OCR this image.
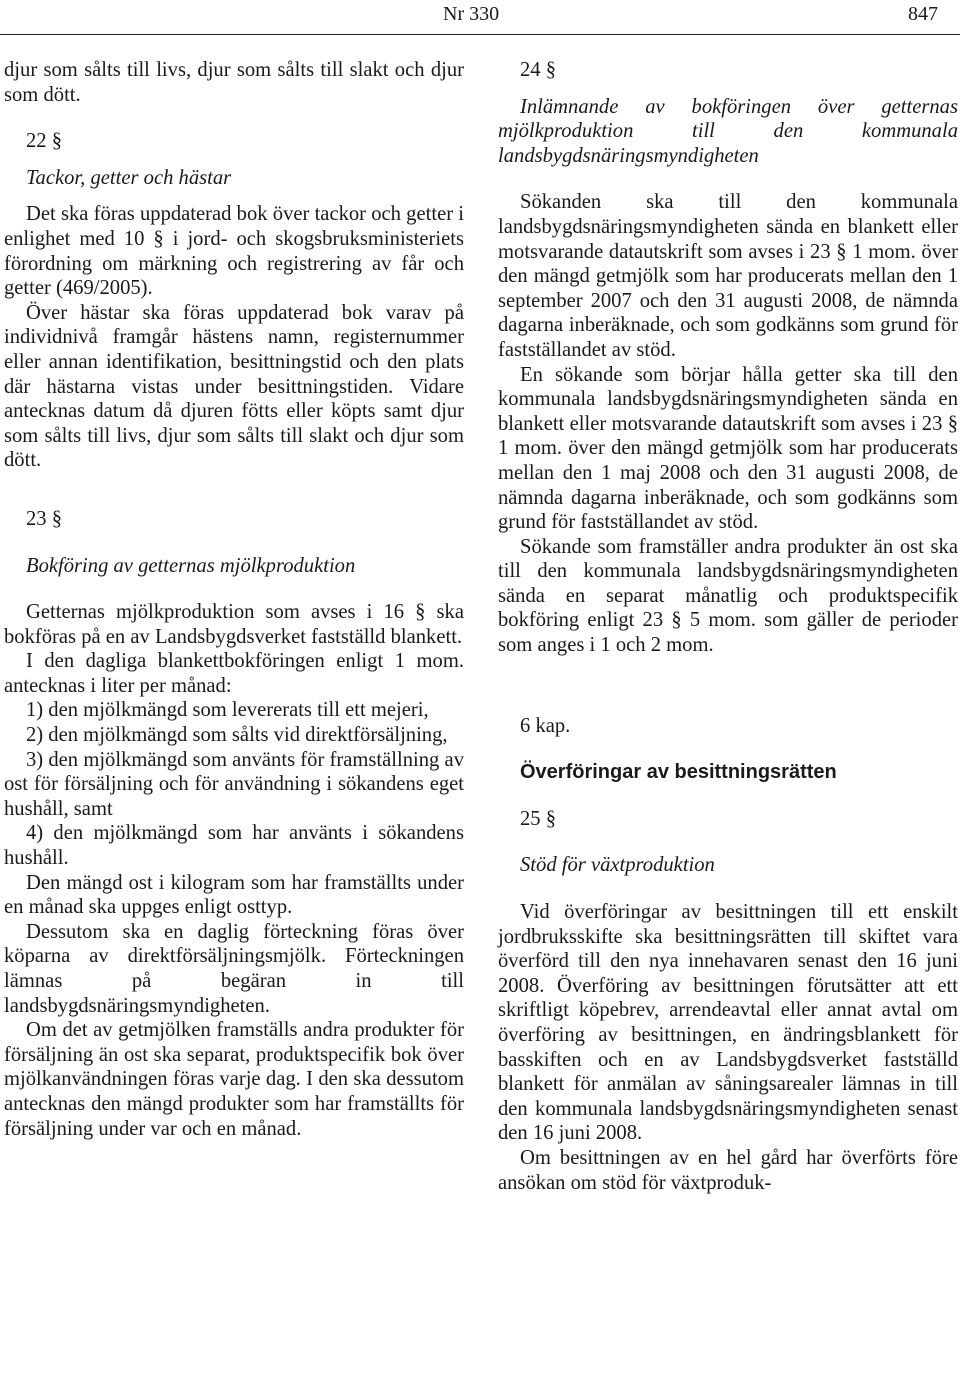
Nr 330	847

djur som sålts till livs, djur som sålts till slakt och djur som dött.

22 §

Tackor, getter och hästar

Det ska föras uppdaterad bok över tackor och getter i enlighet med 10 § i jord- och skogsbruksministeriets förordning om märkning och registrering av får och getter (469/2005).

Över hästar ska föras uppdaterad bok varav på individnivå framgår hästens namn, registernummer eller annan identifikation, besittningstid och den plats där hästarna vistas under besittningstiden. Vidare antecknas datum då djuren fötts eller köpts samt djur som sålts till livs, djur som sålts till slakt och djur som dött.

23 §

Bokföring av getternas mjölkproduktion

Getternas mjölkproduktion som avses i 16 § ska bokföras på en av Landsbygdsverket fastställd blankett.

I den dagliga blankettbokföringen enligt 1 mom. antecknas i liter per månad:

1) den mjölkmängd som levererats till ett mejeri,

2) den mjölkmängd som sålts vid direktförsäljning,

3) den mjölkmängd som använts för framställning av ost för försäljning och för användning i sökandens eget hushåll, samt

4) den mjölkmängd som har använts i sökandens hushåll.

Den mängd ost i kilogram som har framställts under en månad ska uppges enligt osttyp.

Dessutom ska en daglig förteckning föras över köparna av direktförsäljningsmjölk. Förteckningen lämnas på begäran in till landsbygdsnäringsmyndigheten.

Om det av getmjölken framställs andra produkter för försäljning än ost ska separat, produktspecifik bok över mjölkanvändningen föras varje dag. I den ska dessutom antecknas den mängd produkter som har framställts för försäljning under var och en månad.

24 §

Inlämnande av bokföringen över getternas mjölkproduktion till den kommunala landsbygdsnäringsmyndigheten

Sökanden ska till den kommunala landsbygdsnäringsmyndigheten sända en blankett eller motsvarande datautskrift som avses i 23 § 1 mom. över den mängd getmjölk som har producerats mellan den 1 september 2007 och den 31 augusti 2008, de nämnda dagarna inberäknade, och som godkänns som grund för fastställandet av stöd.

En sökande som börjar hålla getter ska till den kommunala landsbygdsnäringsmyndigheten sända en blankett eller motsvarande datautskrift som avses i 23 § 1 mom. över den mängd getmjölk som har producerats mellan den 1 maj 2008 och den 31 augusti 2008, de nämnda dagarna inberäknade, och som godkänns som grund för fastställandet av stöd.

Sökande som framställer andra produkter än ost ska till den kommunala landsbygdsnäringsmyndigheten sända en separat månatlig och produktspecifik bokföring enligt 23 § 5 mom. som gäller de perioder som anges i 1 och 2 mom.

6 kap.

Överföringar av besittningsrätten

25 §

Stöd för växtproduktion

Vid överföringar av besittningen till ett enskilt jordbruksskifte ska besittningsrätten till skiftet vara överförd till den nya innehavaren senast den 16 juni 2008. Överföring av besittningen förutsätter att ett skriftligt köpebrev, arrendeavtal eller annat avtal om överföring av besittningen, en ändringsblankett för basskiften och en av Landsbygdsverket fastställd blankett för anmälan av såningsarealer lämnas in till den kommunala landsbygdsnäringsmyndigheten senast den 16 juni 2008.

Om besittningen av en hel gård har överförts före ansökan om stöd för växtproduk-
